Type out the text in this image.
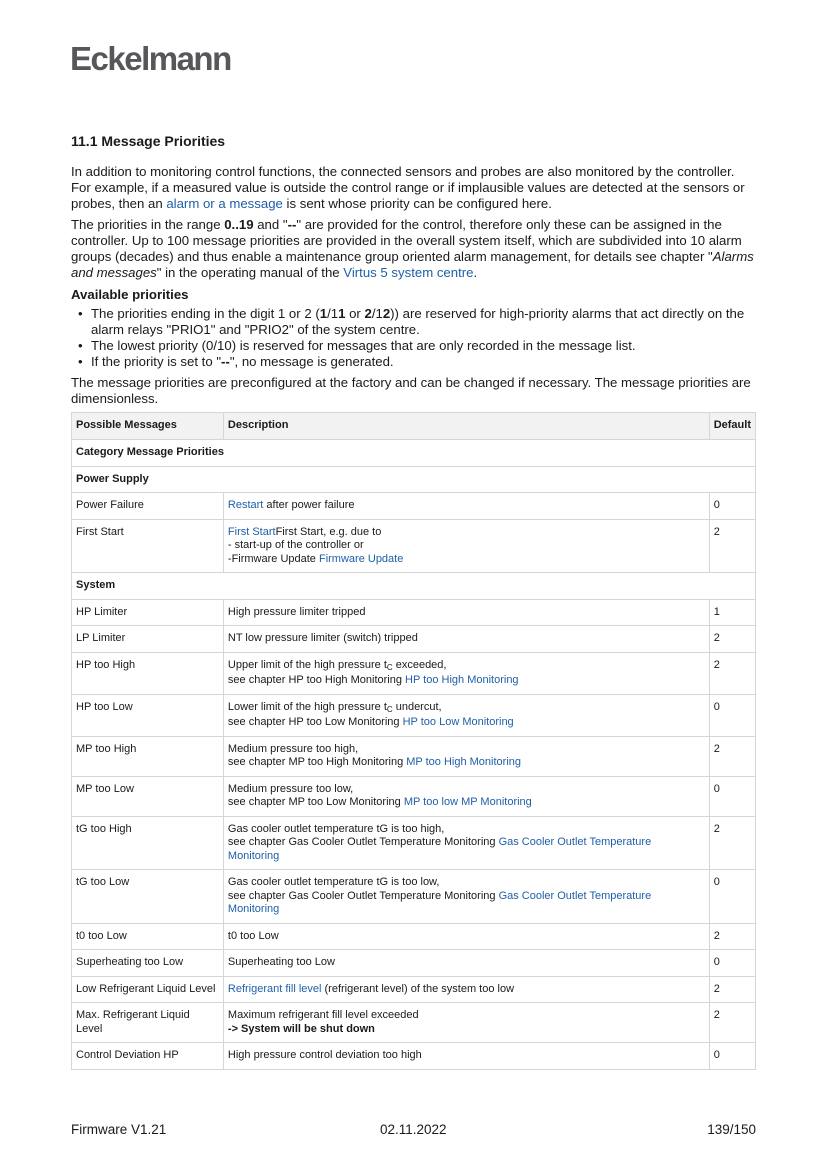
Eckelmann
11.1 Message Priorities

In addition to monitoring control functions, the connected sensors and probes are also monitored by the controller. For example, if a measured value is outside the control range or if implausible values are detected at the sensors or probes, then an alarm or a message is sent whose priority can be configured here.

The priorities in the range 0..19 and "--" are provided for the control, therefore only these can be assigned in the controller. Up to 100 message priorities are provided in the overall system itself, which are subdivided into 10 alarm groups (decades) and thus enable a maintenance group oriented alarm management, for details see chapter "Alarms and messages" in the operating manual of the Virtus 5 system centre.

Available priorities
• The priorities ending in the digit 1 or 2 (1/11 or 2/12)) are reserved for high-priority alarms that act directly on the alarm relays "PRIO1" and "PRIO2" of the system centre.
• The lowest priority (0/10) is reserved for messages that are only recorded in the message list.
• If the priority is set to "--", no message is generated.

The message priorities are preconfigured at the factory and can be changed if necessary. The message priorities are dimensionless.

Possible Messages	Description	Default
Category Message Priorities		
Power Supply		
Power Failure	Restart after power failure	0
First Start	First StartFirst Start, e.g. due to
- start-up of the controller or
-Firmware Update Firmware Update	2
System		
HP Limiter	High pressure limiter tripped	1
LP Limiter	NT low pressure limiter (switch) tripped	2
HP too High	Upper limit of the high pressure $t_C$ exceeded,
see chapter HP too High Monitoring HP too High Monitoring	2
HP too Low	Lower limit of the high pressure $t_C$ undercut,
see chapter HP too Low Monitoring HP too Low Monitoring	0
MP too High	Medium pressure too high,
see chapter MP too High Monitoring MP too High Monitoring	2
MP too Low	Medium pressure too low,
see chapter MP too Low Monitoring MP too low MP Monitoring	0
tG too High	Gas cooler outlet temperature tG is too high,
see chapter Gas Cooler Outlet Temperature Monitoring Gas Cooler Outlet Temperature Monitoring	2
tG too Low	Gas cooler outlet temperature tG is too low,
see chapter Gas Cooler Outlet Temperature Monitoring Gas Cooler Outlet Temperature Monitoring	0
t0 too Low	t0 too Low	2
Superheating too Low	Superheating too Low	0
Low Refrigerant Liquid Level	Refrigerant fill level (refrigerant level) of the system too low	2
Max. Refrigerant Liquid Level	Maximum refrigerant fill level exceeded
-> System will be shut down	2
Control Deviation HP	High pressure control deviation too high	0
Firmware V1.21	02.11.2022	139/150
